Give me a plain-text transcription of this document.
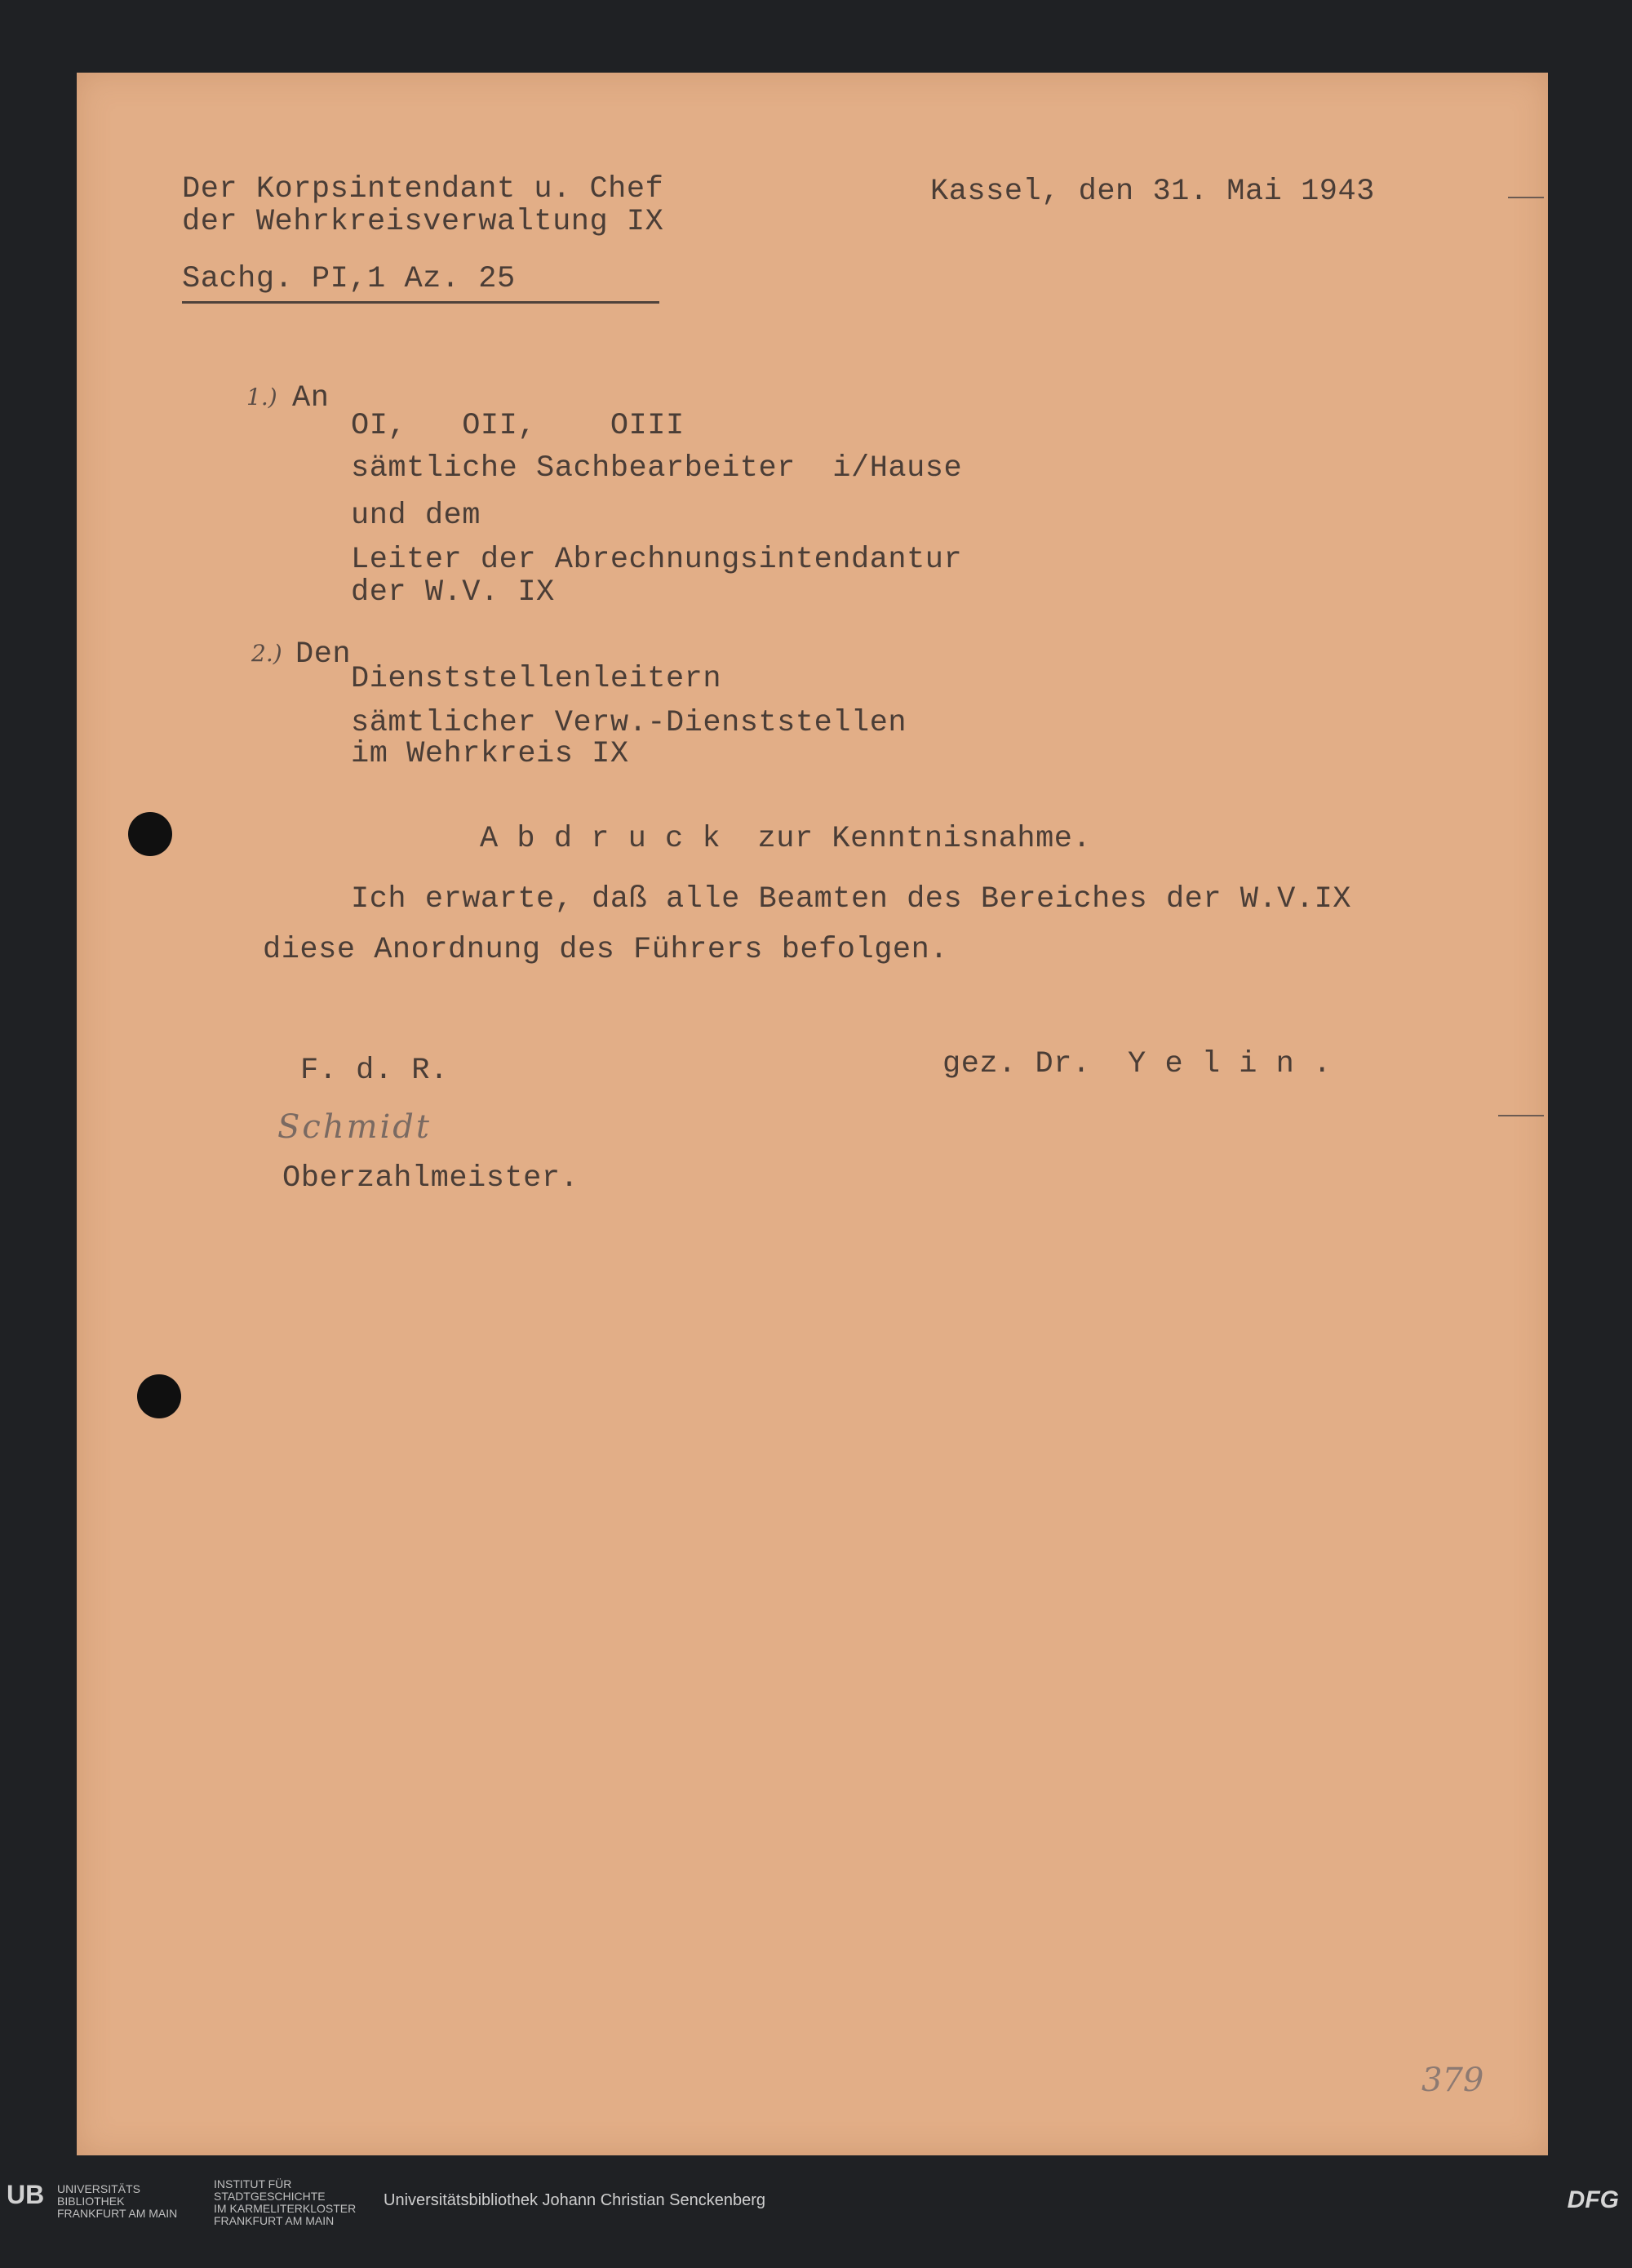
Der Korpsintendant u. Chef

der Wehrkreisverwaltung IX

Sachg. PI,1 Az. 25

Kassel, den 31. Mai 1943

1.) An

OI,   OII,    OIII

sämtliche Sachbearbeiter  i/Hause

und dem

Leiter der Abrechnungsintendantur

der W.V. IX

2.) Den

Dienststellenleitern

sämtlicher Verw.-Dienststellen

im Wehrkreis IX

A b d r u c k  zur Kenntnisnahme.

Ich erwarte, daß alle Beamten des Bereiches der W.V.IX

diese Anordnung des Führers befolgen.

F. d. R.	gez. Dr.  Y e l i n .

Schmidt

Oberzahlmeister.

379
UB UNIVERSITÄTS
BIBLIOTHEK
FRANKFURT AM MAIN
INSTITUT FÜR
STADTGESCHICHTE
IM KARMELITERKLOSTER
FRANKFURT AM MAIN
Universitätsbibliothek Johann Christian Senckenberg	DFG
